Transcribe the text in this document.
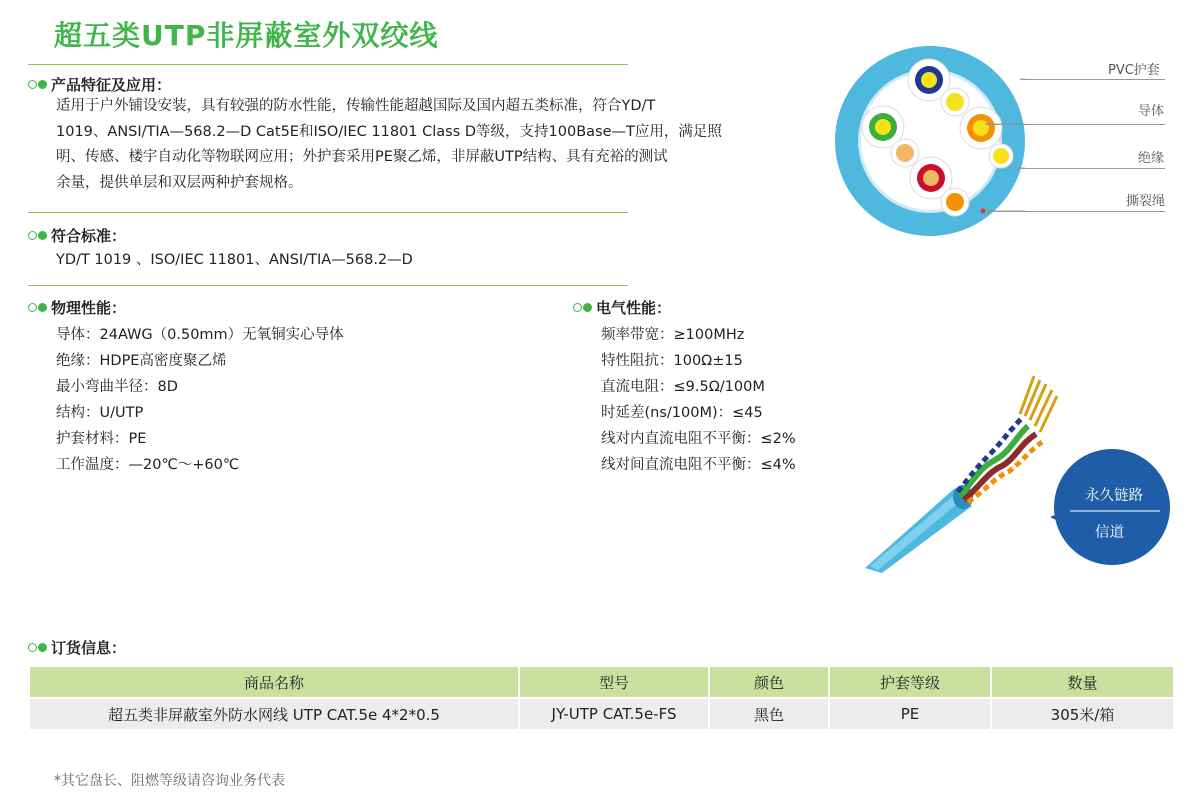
超五类UTP非屏蔽室外双绞线
产品特征及应用：
适用于户外铺设安装，具有较强的防水性能，传输性能超越国际及国内超五类标准，符合YD/T
1019、ANSI/TIA—568.2—D Cat5E和ISO/IEC 11801 Class D等级，支持100Base—T应用，满足照
明、传感、楼宇自动化等物联网应用；外护套采用PE聚乙烯，非屏蔽UTP结构、具有充裕的测试
余量，提供单层和双层两种护套规格。
符合标准：
YD/T 1019 、ISO/IEC 11801、ANSI/TIA—568.2—D
物理性能：
导体：24AWG（0.50mm）无氧铜实心导体
绝缘：HDPE高密度聚乙烯
最小弯曲半径：8D
结构：U/UTP
护套材料：PE
工作温度：—20℃～+60℃
电气性能：
频率带宽：≥100MHz
特性阻抗：100Ω±15
直流电阻：≤9.5Ω/100M
时延差(ns/100M)：≤45
线对内直流电阻不平衡：≤2%
线对间直流电阻不平衡：≤4%
PVC护套
导体
绝缘
撕裂绳
永久链路
信道
订货信息：
商品名称	型号	颜色	护套等级	数量
超五类非屏蔽室外防水网线 UTP CAT.5e 4*2*0.5	JY-UTP CAT.5e-FS	黑色	PE	305米/箱
*其它盘长、阻燃等级请咨询业务代表
